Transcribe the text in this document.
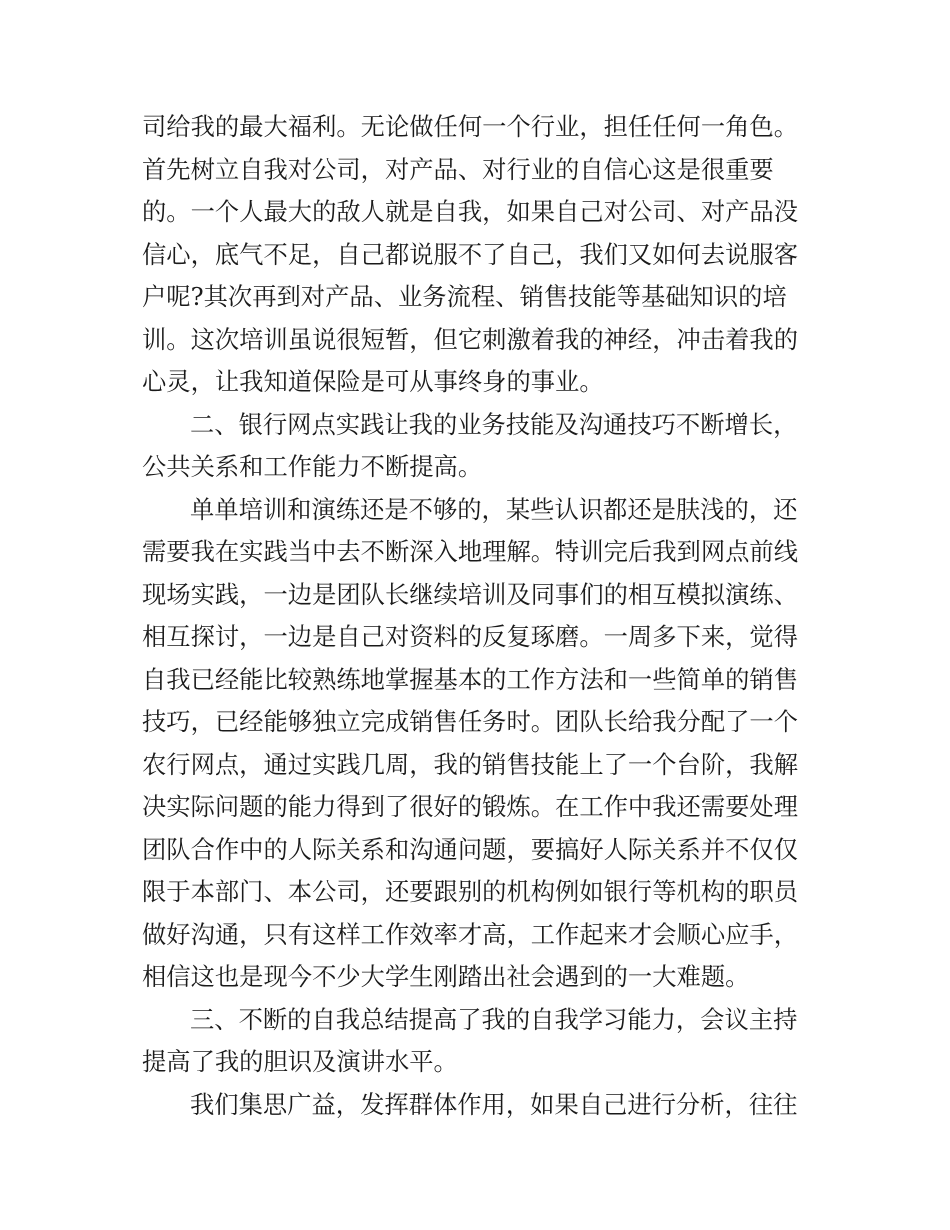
司给我的最大福利。无论做任何一个行业，担任任何一角色。
首先树立自我对公司，对产品、对行业的自信心这是很重要
的。一个人最大的敌人就是自我，如果自己对公司、对产品没
信心，底气不足，自己都说服不了自己，我们又如何去说服客
户呢?其次再到对产品、业务流程、销售技能等基础知识的培
训。这次培训虽说很短暂，但它刺激着我的神经，冲击着我的
心灵，让我知道保险是可从事终身的事业。
二、银行网点实践让我的业务技能及沟通技巧不断增长，
公共关系和工作能力不断提高。
单单培训和演练还是不够的，某些认识都还是肤浅的，还
需要我在实践当中去不断深入地理解。特训完后我到网点前线
现场实践，一边是团队长继续培训及同事们的相互模拟演练、
相互探讨，一边是自己对资料的反复琢磨。一周多下来，觉得
自我已经能比较熟练地掌握基本的工作方法和一些简单的销售
技巧，已经能够独立完成销售任务时。团队长给我分配了一个
农行网点，通过实践几周，我的销售技能上了一个台阶，我解
决实际问题的能力得到了很好的锻炼。在工作中我还需要处理
团队合作中的人际关系和沟通问题，要搞好人际关系并不仅仅
限于本部门、本公司，还要跟别的机构例如银行等机构的职员
做好沟通，只有这样工作效率才高，工作起来才会顺心应手，
相信这也是现今不少大学生刚踏出社会遇到的一大难题。
三、不断的自我总结提高了我的自我学习能力，会议主持
提高了我的胆识及演讲水平。
我们集思广益，发挥群体作用，如果自己进行分析，往往
